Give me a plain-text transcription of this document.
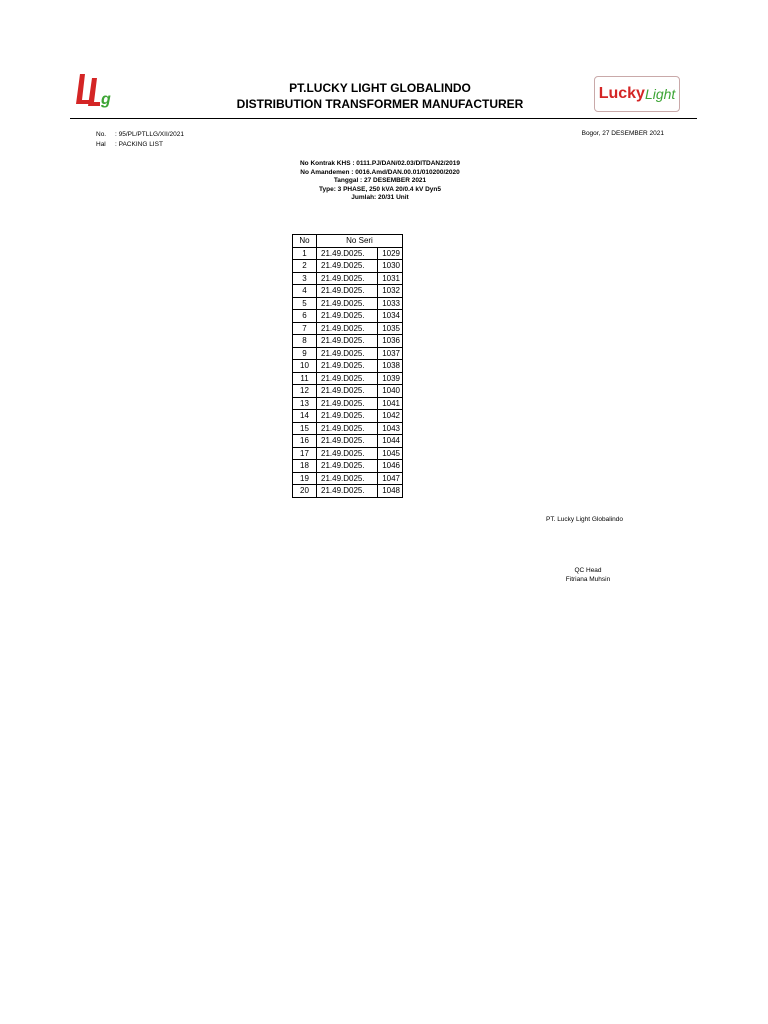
g	Lucky Light
PT.LUCKY LIGHT GLOBALINDO
DISTRIBUTION TRANSFORMER MANUFACTURER
No. : 95/PL/PTLLG/XII/2021
Hal : PACKING LIST
Bogor, 27 DESEMBER 2021
No Kontrak KHS : 0111.PJ/DAN/02.03/DITDAN2/2019
No Amandemen : 0016.Amd/DAN.00.01/010200/2020
Tanggal : 27 DESEMBER 2021
Type: 3 PHASE, 250 kVA 20/0.4 kV Dyn5
Jumlah: 20/31 Unit
No	No Seri	
1	21.49.D025.	1029
2	21.49.D025.	1030
3	21.49.D025.	1031
4	21.49.D025.	1032
5	21.49.D025.	1033
6	21.49.D025.	1034
7	21.49.D025.	1035
8	21.49.D025.	1036
9	21.49.D025.	1037
10	21.49.D025.	1038
11	21.49.D025.	1039
12	21.49.D025.	1040
13	21.49.D025.	1041
14	21.49.D025.	1042
15	21.49.D025.	1043
16	21.49.D025.	1044
17	21.49.D025.	1045
18	21.49.D025.	1046
19	21.49.D025.	1047
20	21.49.D025.	1048
PT. Lucky Light Globalindo
QC Head
Fitriana Muhsin
